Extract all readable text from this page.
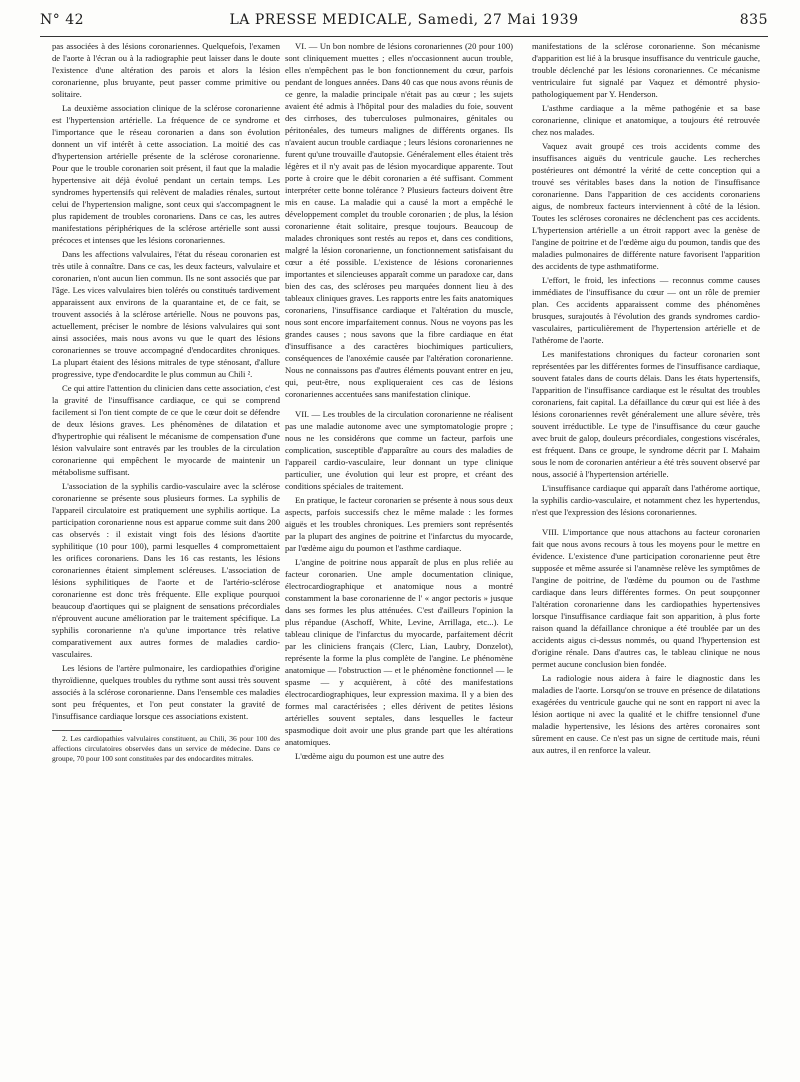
N° 42	LA PRESSE MEDICALE, Samedi, 27 Mai 1939	835

pas associées à des lésions coronariennes. Quelquefois, l'examen de l'aorte à l'écran ou à la radiographie peut laisser dans le doute l'existence d'une altération des parois et alors la lésion coronarienne, plus bruyante, peut passer comme primitive ou solitaire.

La deuxième association clinique de la sclérose coronarienne est l'hypertension artérielle. La fréquence de ce syndrome et l'importance que le réseau coronarien a dans son évolution donnent un vif intérêt à cette association. La moitié des cas d'hypertension artérielle présente de la sclérose coronarienne. Pour que le trouble coronarien soit présent, il faut que la maladie hypertensive ait déjà évolué pendant un certain temps. Les syndromes hypertensifs qui relèvent de maladies rénales, surtout celui de l'hypertension maligne, sont ceux qui s'accompagnent le plus rapidement de troubles coronariens. Dans ce cas, les autres manifestations périphériques de la sclérose artérielle sont aussi précoces et intenses que les lésions coronariennes.

Dans les affections valvulaires, l'état du réseau coronarien est très utile à connaître. Dans ce cas, les deux facteurs, valvulaire et coronarien, n'ont aucun lien commun. Ils ne sont associés que par l'âge. Les vices valvulaires bien tolérés ou constitués tardivement apparaissent aux environs de la quarantaine et, de ce fait, se trouvent associés à la sclérose artérielle. Nous ne pouvons pas, actuellement, préciser le nombre de lésions valvulaires qui sont ainsi associées, mais nous avons vu que le quart des lésions coronariennes se trouve accompagné d'endocardites chroniques. La plupart étaient des lésions mitrales de type sténosant, d'allure progressive, type d'endocardite le plus commun au Chili ².

Ce qui attire l'attention du clinicien dans cette association, c'est la gravité de l'insuffisance cardiaque, ce qui se comprend facilement si l'on tient compte de ce que le cœur doit se défendre de deux lésions graves. Les phénomènes de dilatation et d'hypertrophie qui réalisent le mécanisme de compensation d'une lésion valvulaire sont entravés par les troubles de la circulation coronarienne qui empêchent le myocarde de maintenir un métabolisme suffisant.

L'association de la syphilis cardio-vasculaire avec la sclérose coronarienne se présente sous plusieurs formes. La syphilis de l'appareil circulatoire est pratiquement une syphilis aortique. La participation coronarienne nous est apparue comme suit dans 200 cas observés : il existait vingt fois des lésions d'aortite syphilitique (10 pour 100), parmi lesquelles 4 compromettaient les orifices coronariens. Dans les 16 cas restants, les lésions coronariennes étaient simplement scléreuses. L'association de lésions syphilitiques de l'aorte et de l'artério-sclérose coronarienne est donc très fréquente. Elle explique pourquoi beaucoup d'aortiques qui se plaignent de sensations précordiales n'éprouvent aucune amélioration par le traitement spécifique. La syphilis coronarienne n'a qu'une importance très relative comparativement aux autres formes de maladies cardio-vasculaires.

Les lésions de l'artère pulmonaire, les cardiopathies d'origine thyroïdienne, quelques troubles du rythme sont aussi très souvent associés à la sclérose coronarienne. Dans l'ensemble ces maladies sont peu fréquentes, et l'on peut constater la gravité de l'insuffisance cardiaque lorsque ces associations existent.

2. Les cardiopathies valvulaires constituent, au Chili, 36 pour 100 des affections circulatoires observées dans un service de médecine. Dans ce groupe, 70 pour 100 sont constituées par des endocardites mitrales.

VI. — Un bon nombre de lésions coronariennes (20 pour 100) sont cliniquement muettes ; elles n'occasionnent aucun trouble, elles n'empêchent pas le bon fonctionnement du cœur, parfois pendant de longues années. Dans 40 cas que nous avons réunis de ce genre, la maladie principale n'était pas au cœur ; les sujets avaient été admis à l'hôpital pour des maladies du foie, souvent des cirrhoses, des tuberculoses pulmonaires, génitales ou péritonéales, des tumeurs malignes de différents organes. Ils n'avaient aucun trouble cardiaque ; leurs lésions coronariennes ne furent qu'une trouvaille d'autopsie. Généralement elles étaient très légères et il n'y avait pas de lésion myocardique apparente. Tout porte à croire que le débit coronarien a été suffisant. Comment interpréter cette bonne tolérance ? Plusieurs facteurs doivent être mis en cause. La maladie qui a causé la mort a empêché le développement complet du trouble coronarien ; de plus, la lésion coronarienne était solitaire, presque toujours. Beaucoup de malades chroniques sont restés au repos et, dans ces conditions, malgré la lésion coronarienne, un fonctionnement satisfaisant du cœur a été possible. L'existence de lésions coronariennes importantes et silencieuses apparaît comme un paradoxe car, dans bien des cas, des scléroses peu marquées donnent lieu à des tableaux cliniques graves. Les rapports entre les faits anatomiques coronariens, l'insuffisance cardiaque et l'altération du muscle, nous sont encore imparfaitement connus. Nous ne voyons pas les grandes causes ; nous savons que la fibre cardiaque en état d'insuffisance a des caractères biochimiques particuliers, conséquences de l'anoxémie causée par l'altération coronarienne. Nous ne connaissons pas d'autres éléments pouvant entrer en jeu, qui, peut-être, nous expliqueraient ces cas de lésions coronariennes accentuées sans manifestation clinique.

VII. — Les troubles de la circulation coronarienne ne réalisent pas une maladie autonome avec une symptomatologie propre ; nous ne les considérons que comme un facteur, parfois une complication, susceptible d'apparaître au cours des maladies de l'appareil cardio-vasculaire, leur donnant un type clinique particulier, une évolution qui leur est propre, et créant des conditions spéciales de traitement.

En pratique, le facteur coronarien se présente à nous sous deux aspects, parfois successifs chez le même malade : les formes aiguës et les troubles chroniques. Les premiers sont représentés par la plupart des angines de poitrine et l'infarctus du myocarde, par l'œdème aigu du poumon et l'asthme cardiaque.

L'angine de poitrine nous apparaît de plus en plus reliée au facteur coronarien. Une ample documentation clinique, électrocardiographique et anatomique nous a montré constamment la base coronarienne de l' « angor pectoris » jusque dans ses formes les plus atténuées. C'est d'ailleurs l'opinion la plus répandue (Aschoff, White, Levine, Arrillaga, etc...). Le tableau clinique de l'infarctus du myocarde, parfaitement décrit par les cliniciens français (Clerc, Lian, Laubry, Donzelot), représente la forme la plus complète de l'angine. Le phénomène anatomique — l'obstruction — et le phénomène fonctionnel — le spasme — y acquièrent, à côté des manifestations électrocardiographiques, leur expression maxima. Il y a bien des formes mal caractérisées ; elles dérivent de petites lésions artérielles souvent septales, dans lesquelles le facteur spasmodique doit avoir une plus grande part que les altérations anatomiques.

L'œdème aigu du poumon est une autre des

manifestations de la sclérose coronarienne. Son mécanisme d'apparition est lié à la brusque insuffisance du ventricule gauche, trouble déclenché par les lésions coronariennes. Ce mécanisme ventriculaire fut signalé par Vaquez et démontré physio-pathologiquement par Y. Henderson.

L'asthme cardiaque a la même pathogénie et sa base coronarienne, clinique et anatomique, a toujours été retrouvée chez nos malades.

Vaquez avait groupé ces trois accidents comme des insuffisances aiguës du ventricule gauche. Les recherches postérieures ont démontré la vérité de cette conception qui a trouvé ses véritables bases dans la notion de l'insuffisance coronarienne. Dans l'apparition de ces accidents coronariens aigus, de nombreux facteurs interviennent à côté de la lésion. Toutes les scléroses coronaires ne déclenchent pas ces accidents. L'hypertension artérielle a un étroit rapport avec la genèse de l'angine de poitrine et de l'œdème aigu du poumon, tandis que des maladies pulmonaires de différente nature favorisent l'apparition des accidents de type asthmatiforme.

L'effort, le froid, les infections — reconnus comme causes immédiates de l'insuffisance du cœur — ont un rôle de premier plan. Ces accidents apparaissent comme des phénomènes brusques, surajoutés à l'évolution des grands syndromes cardio-vasculaires, particulièrement de l'hypertension artérielle et de l'athérome de l'aorte.

Les manifestations chroniques du facteur coronarien sont représentées par les différentes formes de l'insuffisance cardiaque, souvent fatales dans de courts délais. Dans les états hypertensifs, l'apparition de l'insuffisance cardiaque est le résultat des troubles coronariens, fait capital. La défaillance du cœur qui est liée à des lésions coronariennes revêt généralement une allure sévère, très souvent irréductible. Le type de l'insuffisance du cœur gauche avec bruit de galop, douleurs précordiales, congestions viscérales, est fréquent. Dans ce groupe, le syndrome décrit par I. Mahaim sous le nom de coronarien antérieur a été très souvent observé par nous, associé à l'hypertension artérielle.

L'insuffisance cardiaque qui apparaît dans l'athérome aortique, la syphilis cardio-vasculaire, et notamment chez les hypertendus, n'est que l'expression des lésions coronariennes.

VIII. L'importance que nous attachons au facteur coronarien fait que nous avons recours à tous les moyens pour le mettre en évidence. L'existence d'une participation coronarienne peut être supposée et même assurée si l'anamnèse relève les symptômes de l'angine de poitrine, de l'œdème du poumon ou de l'asthme cardiaque dans leurs différentes formes. On peut soupçonner l'altération coronarienne dans les cardiopathies hypertensives lorsque l'insuffisance cardiaque fait son apparition, à plus forte raison quand la défaillance chronique a été troublée par un des accidents aigus ci-dessus nommés, ou quand l'hypertension est d'origine rénale. Dans d'autres cas, le tableau clinique ne nous permet aucune conclusion bien fondée.

La radiologie nous aidera à faire le diagnostic dans les maladies de l'aorte. Lorsqu'on se trouve en présence de dilatations exagérées du ventricule gauche qui ne sont en rapport ni avec la lésion aortique ni avec la qualité et le chiffre tensionnel d'une maladie hypertensive, les lésions des artères coronaires sont sûrement en cause. Ce n'est pas un signe de certitude mais, réuni aux autres, il en renforce la valeur.
